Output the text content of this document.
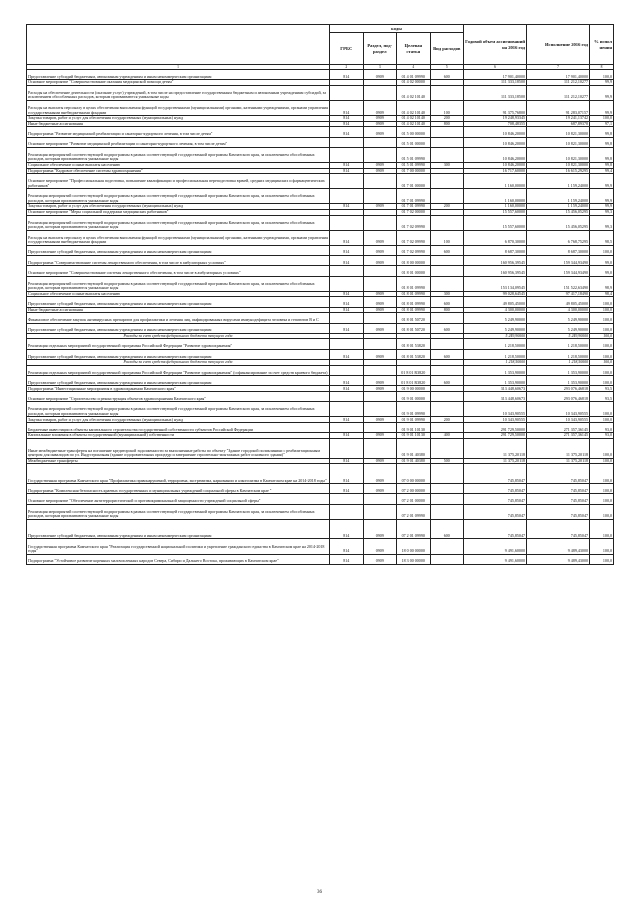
	коды				Годовой объем ассигнований на 2016 год	Исполнение 2016 год	% испол нения
	ГРБС	Раздел, под-раздел	Целевая статья	Вид расходов			
1	2	3	4	5	6	7	8
Предоставление субсидий бюджетным, автономным учреждениям и иным некоммерческим организациям	814	0909	01 4 01 09990	600	17 901,40000	17 901,40000	100,0
Основное мероприятие "Совершенствование оказания медицинской помощи детям"			01 4 02 00000		111 333,18500	111 212,10277	99,9
Расходы на обеспечение деятельности (оказание услуг) учреждений, в том числе на предоставление государственным бюджетным и автономным учреждениям субсидий, за исключением обособленных расходов, которым присваиваются уникальные коды			01 4 02 10140		111 333,18500	111 212,10277	99,9
Расходы на выплаты персоналу в целях обеспечения выполнения функций государственными (муниципальными) органами, казенными учреждениями, органами управления государственными внебюджетными фондами	814	0909	01 4 02 10140	100	91 375,76800	91 283,07157	99,9
Закупка товаров, работ и услуг для обеспечения государственных (муниципальных) нужд	814	0909	01 4 02 10140	200	19 248,93345	19 241,13742	100,0
Иные бюджетные ассигнования	814	0909	01 4 02 10140	800	708,48355	687,89378	97,1
Подпрограмма "Развитие медицинской реабилитации и санаторно-курортного лечения, в том числе детям"	814	0909	01 5 00 00000		10 846,20000	10 821,30000	99,8
Основное мероприятие "Развитие медицинской реабилитации и санаторно-курортного лечения, в том числе детям"			01 5 01 00000		10 846,20000	10 821,30000	99,8
Реализация мероприятий соответствующей подпрограммы в рамках соответствующей государственной программы Камчатского края, за исключением обособленных расходов, которым присваиваются уникальные коды			01 5 01 09990		10 846,20000	10 821,30000	99,8
Социальное обеспечение и иные выплаты населению	814	0909	01 5 01 09990	300	10 846,20000	10 821,30000	99,8
Подпрограмма "Кадровое обеспечение системы здравоохранения"	814	0909	01 7 00 00000		16 717,60000	16 615,29295	99,4
Основное мероприятие "Профессиональная подготовка, повышение квалификации и профессиональная переподготовка врачей, средних медицинских и фармацевтических работников"			01 7 01 00000		1 160,00000	1 159,24000	99,9
Реализация мероприятий соответствующей подпрограммы в рамках соответствующей государственной программы Камчатского края, за исключением обособленных расходов, которым присваиваются уникальные коды			01 7 01 09990		1 160,00000	1 159,24000	99,9
Закупка товаров, работ и услуг для обеспечения государственных (муниципальных) нужд	814	0909	01 7 01 09990	200	1 160,00000	1 159,24000	99,9
Основное мероприятие "Меры социальной поддержки медицинских работников"			01 7 02 00000		15 557,60000	15 456,05295	99,3
Реализация мероприятий соответствующей подпрограммы в рамках соответствующей государственной программы Камчатского края, за исключением обособленных расходов, которым присваиваются уникальные коды			01 7 02 09990		15 557,60000	15 456,05295	99,3
Расходы на выплаты персоналу в целях обеспечения выполнения функций государственными (муниципальными) органами, казенными учреждениями, органами управления государственными внебюджетными фондами	814	0909	01 7 02 09990	100	6 870,30000	6 768,75295	98,5
Предоставление субсидий бюджетным, автономным учреждениям и иным некоммерческим организациям	814	0909	01 7 02 09990	600	8 687,30000	8 687,30000	100,0
Подпрограмма "Совершенствование системы лекарственного обеспечения, в том числе в амбулаторных условиях"	814	0909	01 8 00 00000		160 956,39545	159 344,93490	99,0
Основное мероприятие "Совершенствование системы лекарственного обеспечения, в том числе в амбулаторных условиях"			01 8 01 00000		160 956,39545	159 344,93490	99,0
Реализация мероприятий соответствующей подпрограммы в рамках соответствующей государственной программы Камчатского края, за исключением обособленных расходов, которым присваиваются уникальные коды			01 8 01 09990		153 134,09545	151 522,63490	98,9
Социальное обеспечение и иные выплаты населению	814	0909	01 8 01 09990	300	99 028,64545	97 417,18490	98,4
Предоставление субсидий бюджетным, автономным учреждениям и иным некоммерческим организациям	814	0909	01 8 01 09990	600	49 805,45000	49 805,45000	100,0
Иные бюджетные ассигнования	814	0909	01 8 01 09990	800	4 300,00000	4 300,00000	100,0
Финансовое обеспечение закупок антивирусных препаратов для профилактики и лечения лиц, инфицированных вирусами иммунодефицита человека и гепатитов В и С			01 8 01 50720		5 249,90000	5 249,90000	100,0
Предоставление субсидий бюджетным, автономным учреждениям и иным некоммерческим организациям	814	0909	01 8 01 50720	600	5 249,90000	5 249,90000	100,0
Расходы за счет средств федерального бюджета текущего года					5 249,90000	5 249,90000	100,0
Реализация отдельных мероприятий государственной программы Российской Федерации "Развитие здравоохранения"			01 8 01 53820		1 218,50000	1 218,50000	100,0
Предоставление субсидий бюджетным, автономным учреждениям и иным некоммерческим организациям	814	0909	01 8 01 53820	600	1 218,50000	1 218,50000	100,0
Расходы за счет средств федерального бюджета текущего года					1 218,50000	1 218,50000	100,0
Реализация отдельных мероприятий государственной программы Российской Федерации "Развитие здравоохранения" (софинансирование за счет средств краевого бюджета)			01 8 01 R3820		1 353,90000	1 353,90000	100,0
Предоставление субсидий бюджетным, автономным учреждениям и иным некоммерческим организациям	814	0909	01 8 01 R3820	600	1 353,90000	1 353,90000	100,0
Подпрограмма "Инвестиционные мероприятия в здравоохранении Камчатского края"	814	0909	01 9 00 00000		313 448,60673	293 076,46818	93,5
Основное мероприятие "Строительство и реконструкция объектов здравоохранения Камчатского края"			01 9 01 00000		313 448,60673	293 076,46818	93,5
Реализация мероприятий соответствующей подпрограммы в рамках соответствующей государственной программы Камчатского края, за исключением обособленных расходов, которым присваиваются уникальные коды			01 9 01 09990		10 343,90555	10 343,90555	100,0
Закупка товаров, работ и услуг для обеспечения государственных (муниципальных) нужд	814	0909	01 9 01 09990	200	10 343,90555	10 343,90555	100,0
Бюджетные инвестиции в объекты капитального строительства государственной собственности субъектов Российской Федерации			01 9 01 10130		291 729,50000	271 357,36145	93,0
Капитальные вложения в объекты государственной (муниципальной) собственности	814	0909	01 9 01 10130	400	291 729,50000	271 357,36145	93,0
Иные межбюджетные трансферты на погашение кредиторской задолженности за выполненные работы по объекту "Здание городской поликлиники с реабилитационным центром для инвалидов по ул. Индустриальная (здание оздоровительных процедур и завершение строительно-монтажных работ основного здания)"			01 9 01 40380		11 375,20118	11 375,20118	100,0
Межбюджетные трансферты	814	0909	01 9 01 40380	500	11 375,20118	11 375,20118	100,0
Государственная программа Камчатского края "Профилактика правонарушений, терроризма, экстремизма, наркомании и алкоголизма в Камчатском крае на 2014-2018 годы"	814	0909	07 0 00 00000		745,85047	745,85047	100,0
Подпрограмма "Комплексная безопасность краевых государственных и муниципальных учреждений социальной сферы в Камчатском крае "	814	0909	07 2 00 00000		745,85047	745,85047	100,0
Основное мероприятие "Обеспечение антитеррористической и противокриминальной защищенности учреждений социальной сферы"			07 2 01 00000		745,85047	745,85047	100,0
Реализация мероприятий соответствующей подпрограммы в рамках соответствующей государственной программы Камчатского края, за исключением обособленных расходов, которым присваиваются уникальные коды			07 2 01 09990		745,85047	745,85047	100,0
Предоставление субсидий бюджетным, автономным учреждениям и иным некоммерческим организациям	814	0909	07 2 01 09990	600	745,85047	745,85047	100,0
Государственная программа Камчатского края "Реализация государственной национальной политики и укрепление гражданского единства в Камчатском крае на 2014-2018 годы"	814	0909	18 0 00 00000		9 491,60000	9 489,43000	100,0
Подпрограмма "Устойчивое развитие коренных малочисленных народов Севера, Сибири и Дальнего Востока, проживающих в Камчатском крае"	814	0909	18 3 00 00000		9 491,60000	9 489,43000	100,0
36
